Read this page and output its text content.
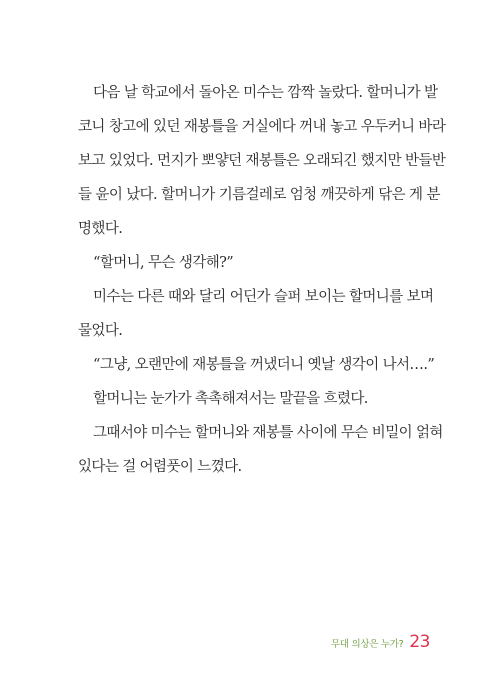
다음 날 학교에서 돌아온 미수는 깜짝 놀랐다. 할머니가 발
코니 창고에 있던 재봉틀을 거실에다 꺼내 놓고 우두커니 바라
보고 있었다. 먼지가 뽀얗던 재봉틀은 오래되긴 했지만 반들반
들 윤이 났다. 할머니가 기름걸레로 엄청 깨끗하게 닦은 게 분
명했다.
“할머니, 무슨 생각해?”
미수는 다른 때와 달리 어딘가 슬퍼 보이는 할머니를 보며
물었다.
“그냥, 오랜만에 재봉틀을 꺼냈더니 옛날 생각이 나서….”
할머니는 눈가가 촉촉해져서는 말끝을 흐렸다.
그때서야 미수는 할머니와 재봉틀 사이에 무슨 비밀이 얽혀
있다는 걸 어렴풋이 느꼈다.
무대 의상은 누가? 23
